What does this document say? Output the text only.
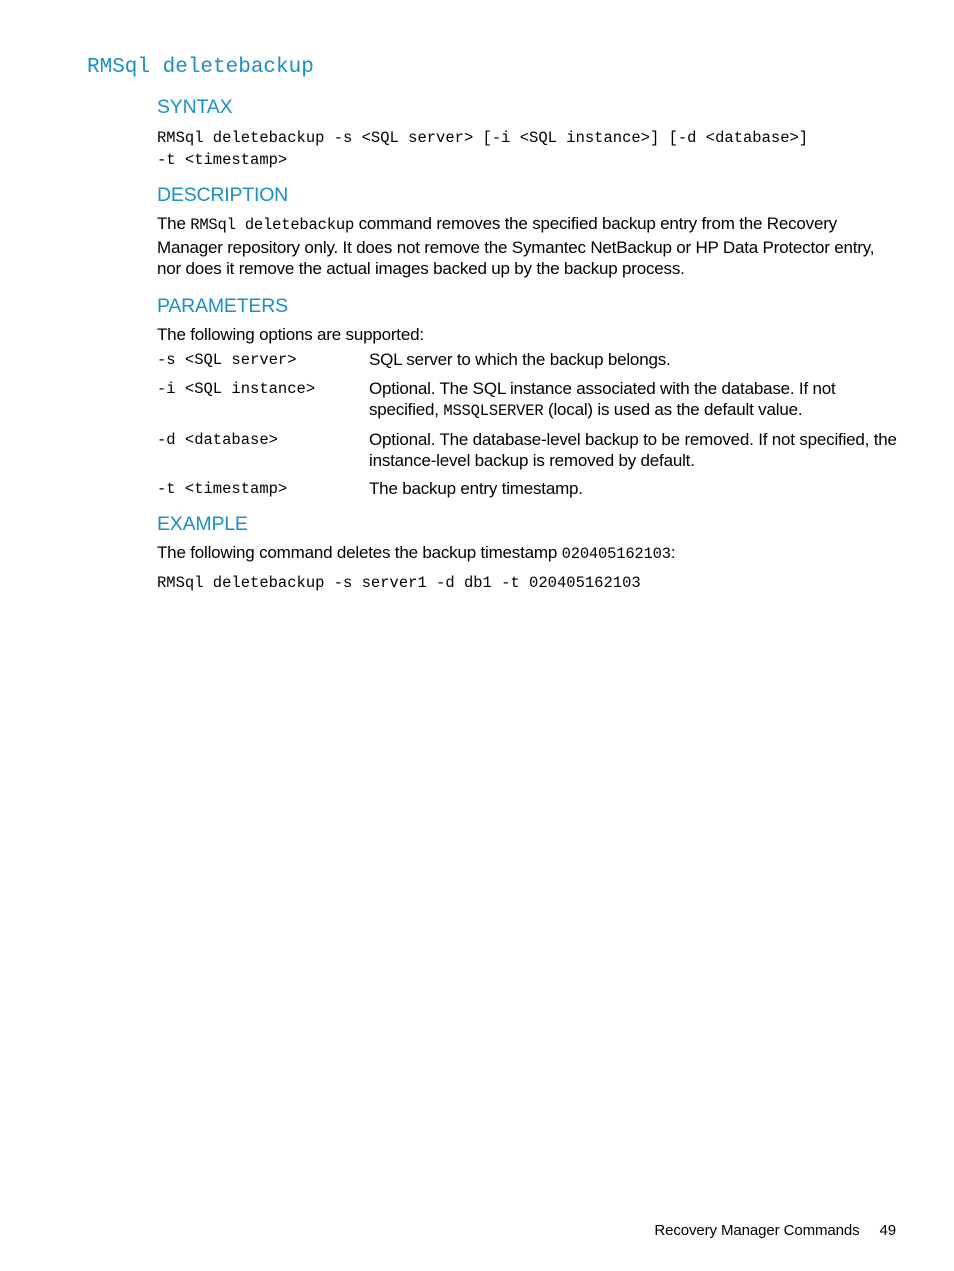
RMSql deletebackup
SYNTAX

RMSql deletebackup -s <SQL server> [-i <SQL instance>] [-d <database>]

-t <timestamp>

DESCRIPTION

The RMSql deletebackup command removes the specified backup entry from the Recovery Manager repository only. It does not remove the Symantec NetBackup or HP Data Protector entry, nor does it remove the actual images backed up by the backup process.

PARAMETERS

The following options are supported:

-s <SQL server>	SQL server to which the backup belongs.
-i <SQL instance>	Optional. The SQL instance associated with the database. If not specified, MSSQLSERVER (local) is used as the default value.
-d <database>	Optional. The database-level backup to be removed. If not specified, the instance-level backup is removed by default.
-t <timestamp>	The backup entry timestamp.
EXAMPLE

The following command deletes the backup timestamp 020405162103:

RMSql deletebackup -s server1 -d db1 -t 020405162103

Recovery Manager Commands 49
